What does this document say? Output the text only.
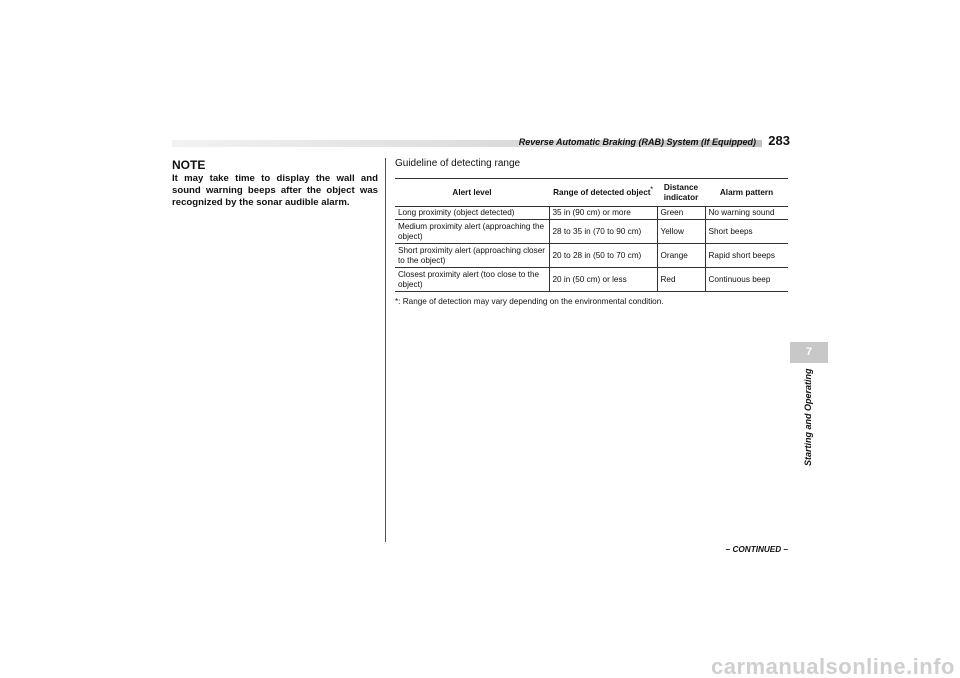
Reverse Automatic Braking (RAB) System (If Equipped) 283
NOTE
It may take time to display the wall and sound warning beeps after the object was recognized by the sonar audible alarm.
Guideline of detecting range
Alert level	Range of detected object*	Distance indicator	Alarm pattern
Long proximity (object detected)	35 in (90 cm) or more	Green	No warning sound
Medium proximity alert (approaching the object)	28 to 35 in (70 to 90 cm)	Yellow	Short beeps
Short proximity alert (approaching closer to the object)	20 to 28 in (50 to 70 cm)	Orange	Rapid short beeps
Closest proximity alert (too close to the object)	20 in (50 cm) or less	Red	Continuous beep
*: Range of detection may vary depending on the environmental condition.
7
Starting and Operating
– CONTINUED –
carmanualsonline.info
